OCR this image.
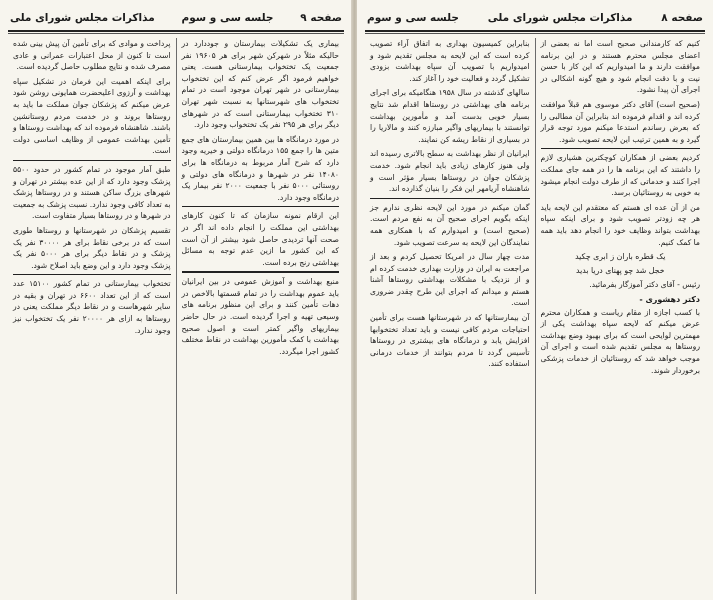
صفحه ۹
جلسه سی و سوم
مذاکرات مجلس شورای ملی

بیماری یک تشکیلات بیمارستان و جوددارد در حالیکه مثلاً در شهرکن شهر برای هر ۱۹۶۰۵ نفر جمعیت یک تختخواب بیمارستانی هست. یعنی خواهیم فرمود اگر عرض کنم که این تختخواب بیمارستانی در شهر تهران موجود است در تمام تختخواب های شهرستانها به نسبت شهر تهران ۳۱۰ تختخواب بیمارستانی است که در شهرهای دیگر برای هر ۲۹۵ نفر یک تختخواب وجود دارد.

در مورد درمانگاه ها بین همین بیمارستان های جمع متین ها را جمع ۱۵۵ درمانگاه دولتی و خیریه وجود دارد که شرح آمار مربوط به درمانگاه ها برای ۱۴۰۸۰ نفر در شهرها و درمانگاه های دولتی و روستائی ۵۰۰۰ نفر با جمعیت ۲۰۰۰ نفر بیمار یک درمانگاه وجود دارد.

این ارقام نمونه سازمان که تا کنون کارهای بهداشتی این مملکت را انجام داده اند اگر در صحت آنها تردیدی حاصل شود بیشتر از آن است که این کشور ما ازین عدم توجه به مسائل بهداشتی رنج برده است.

منبع بهداشت و آموزش عمومی در بین ایرانیان باید عموم بهداشت را در تمام قسمتها بالاخص در دهات تأمین کنند و برای این منظور برنامه های وسیعی تهیه و اجرا گردیده است. در حال حاضر بیماریهای واگیر کمتر است و اصول صحیح بهداشت با کمک مأمورین بهداشت در نقاط مختلف کشور اجرا میگردد.

پرداخت و موادی که برای تأمین آن پیش بینی شده است تا کنون از محل اعتبارات عمرانی و عادی مصرف شده و نتایج مطلوب حاصل گردیده است.

برای اینکه اهمیت این فرمان در تشکیل سپاه بهداشت و آرزوی اعلیحضرت همایونی روشن شود عرض میکنم که پزشکان جوان مملکت ما باید به روستاها بروند و در خدمت مردم روستانشین باشند. شاهنشاه فرموده اند که بهداشت روستاها و تأمین بهداشت عمومی از وظایف اساسی دولت است.

طبق آمار موجود در تمام کشور در حدود ۵۵۰۰ پزشک وجود دارد که از این عده بیشتر در تهران و شهرهای بزرگ ساکن هستند و در روستاها پزشک به تعداد کافی وجود ندارد. نسبت پزشک به جمعیت در شهرها و در روستاها بسیار متفاوت است.

تقسیم پزشکان در شهرستانها و روستاها طوری است که در برخی نقاط برای هر ۳۰۰۰۰ نفر یک پزشک و در نقاط دیگر برای هر ۵۰۰۰ نفر یک پزشک وجود دارد و این وضع باید اصلاح شود.

تختخواب بیمارستانی در تمام کشور ۱۵۱۰۰ عدد است که از این تعداد ۶۶۰۰ در تهران و بقیه در سایر شهرهاست و در نقاط دیگر مملکت یعنی در روستاها به ازای هر ۲۰۰۰۰ نفر یک تختخواب نیز وجود ندارد.

صفحه ۸
مذاکرات مجلس شورای ملی
جلسه سی و سوم

کنیم که کارمندانی صحیح است اما نه بعضی از اعضای مجلس محترم هستند و در این برنامه موافقت دارند و ما امیدواریم که این کار با حسن نیت و با دقت انجام شود و هیچ گونه اشکالی در اجرای آن پیدا نشود.

(صحیح است) آقای دکتر موسوی هم قبلاً موافقت کرده اند و اقدام فرموده اند بنابراین آن مطالبی را که بعرض رساندم استدعا میکنم مورد توجه قرار گیرد و به همین ترتیب این لایحه تصویب شود.

کردیم بعضی از همکاران کوچکترین هشیاری لازم را داشتند که این برنامه ها را در همه جای مملکت اجرا کنند و خدماتی که از طرف دولت انجام میشود به خوبی به روستائیان برسد.

من از آن عده ای هستم که معتقدم این لایحه باید هر چه زودتر تصویب شود و برای اینکه سپاه بهداشت بتواند وظایف خود را انجام دهد باید همه ما کمک کنیم.

یک قطره باران ز ابری چکید

خجل شد چو پهنای دریا بدید

رئیس - آقای دکتر آموزگار بفرمائید.

دکتر دهشوری -

با کسب اجازه از مقام ریاست و همکاران محترم عرض میکنم که لایحه سپاه بهداشت یکی از مهمترین لوایحی است که برای بهبود وضع بهداشت روستاها به مجلس تقدیم شده است و اجرای آن موجب خواهد شد که روستائیان از خدمات پزشکی برخوردار شوند.

بنابراین کمیسیون بهداری به اتفاق آراء تصویب کرده است که این لایحه به مجلس تقدیم شود و امیدواریم با تصویب آن سپاه بهداشت بزودی تشکیل گردد و فعالیت خود را آغاز کند.

سالهای گذشته در سال ۱۹۵۸ هنگامیکه برای اجرای برنامه های بهداشتی در روستاها اقدام شد نتایج بسیار خوبی بدست آمد و مأمورین بهداشت توانستند با بیماریهای واگیر مبارزه کنند و مالاریا را در بسیاری از نقاط ریشه کن نمایند.

ایرانیان از نظر بهداشت به سطح بالاتری رسیده اند ولی هنوز کارهای زیادی باید انجام شود. خدمت پزشکان جوان در روستاها بسیار مؤثر است و شاهنشاه آریامهر این فکر را بنیان گذارده اند.

گمان میکنم در مورد این لایحه نظری ندارم جز اینکه بگویم اجرای صحیح آن به نفع مردم است. (صحیح است) و امیدوارم که با همکاری همه نمایندگان این لایحه به سرعت تصویب شود.

مدت چهار سال در امریکا تحصیل کردم و بعد از مراجعت به ایران در وزارت بهداری خدمت کرده ام و از نزدیک با مشکلات بهداشتی روستاها آشنا هستم و میدانم که اجرای این طرح چقدر ضروری است.

آن بیمارستانها که در شهرستانها هست برای تأمین احتیاجات مردم کافی نیست و باید تعداد تختخوابها افزایش یابد و درمانگاه های بیشتری در روستاها تأسیس گردد تا مردم بتوانند از خدمات درمانی استفاده کنند.
